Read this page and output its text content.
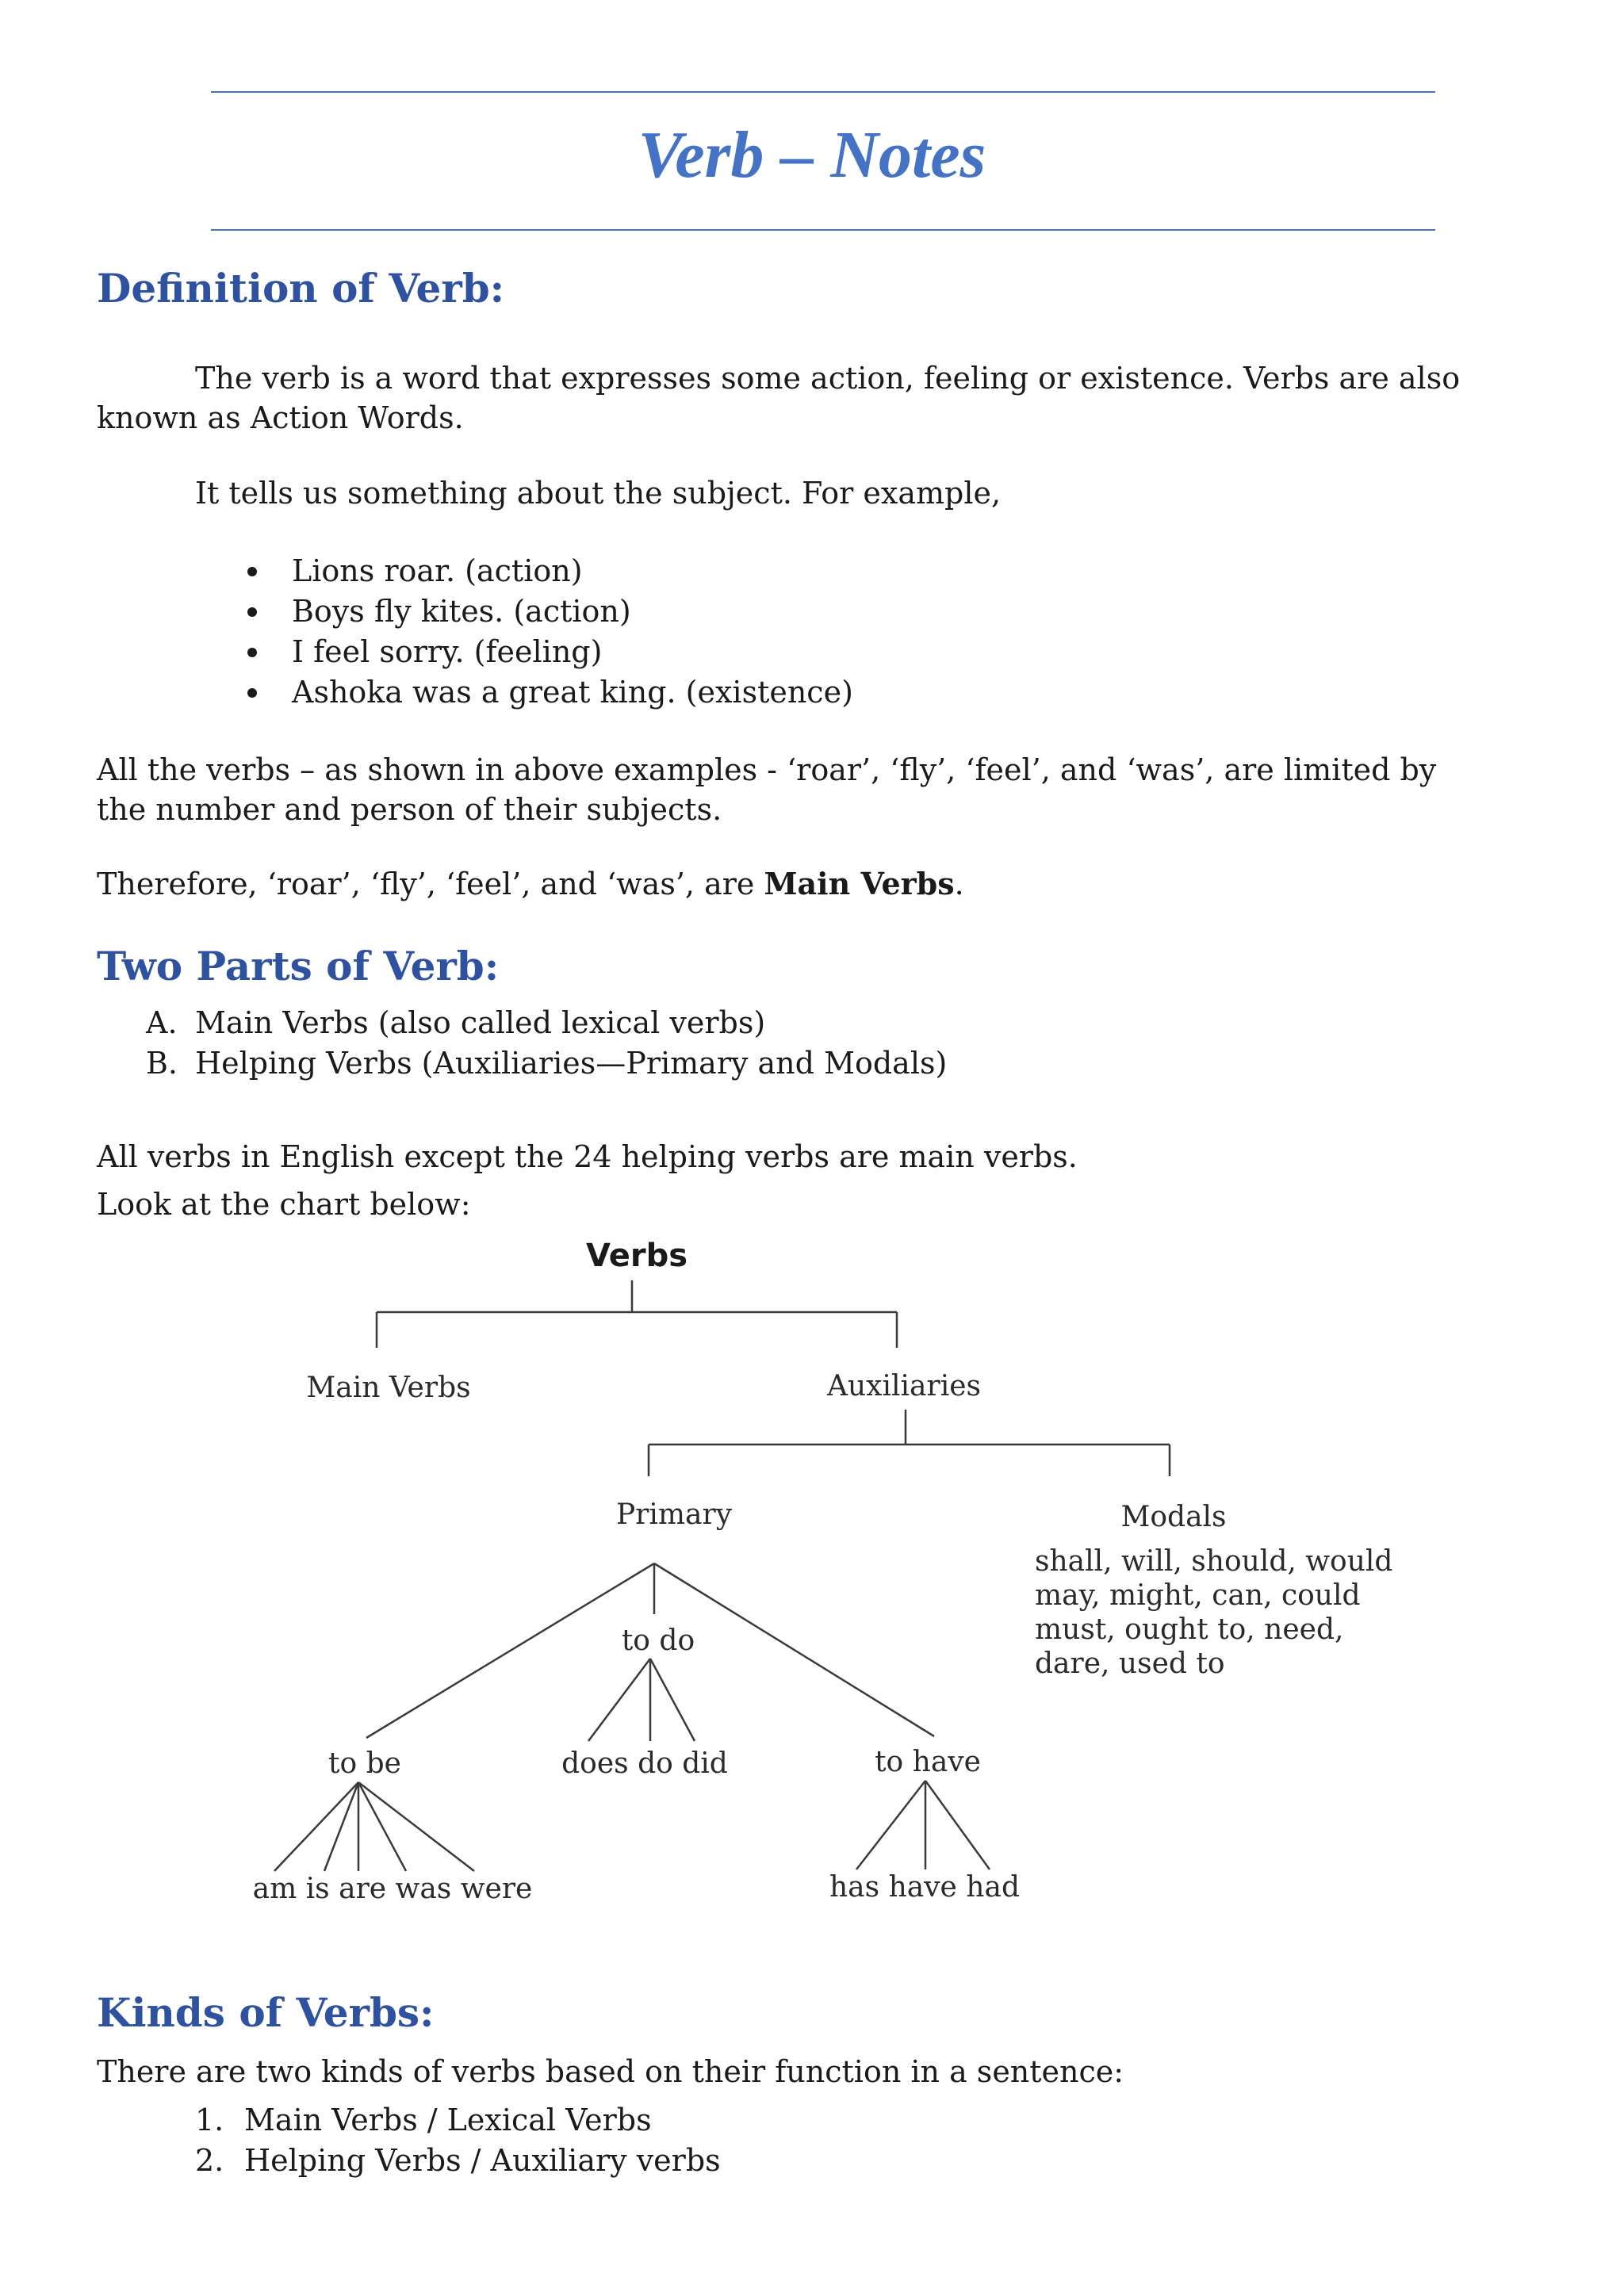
Verb – Notes
Definition of Verb:

The verb is a word that expresses some action, feeling or existence. Verbs are also known as Action Words.

It tells us something about the subject. For example,

Lions roar. (action)
Boys fly kites. (action)
I feel sorry. (feeling)
Ashoka was a great king. (existence)

All the verbs – as shown in above examples - ‘roar’, ‘fly’, ‘feel’, and ‘was’, are limited by the number and person of their subjects.

Therefore, ‘roar’, ‘fly’, ‘feel’, and ‘was’, are Main Verbs.

Two Parts of Verb:
A. Main Verbs (also called lexical verbs)
B. Helping Verbs (Auxiliaries—Primary and Modals)

All verbs in English except the 24 helping verbs are main verbs.

Look at the chart below:

Verbs
Main Verbs	Auxiliaries
Primary	Modals
shall, will, should, would
may, might, can, could
must, ought to, need,
dare, used to
to do
does do did
to be
am is are was were
to have
has have had
Kinds of Verbs:

There are two kinds of verbs based on their function in a sentence:

1. Main Verbs / Lexical Verbs
2. Helping Verbs / Auxiliary verbs
